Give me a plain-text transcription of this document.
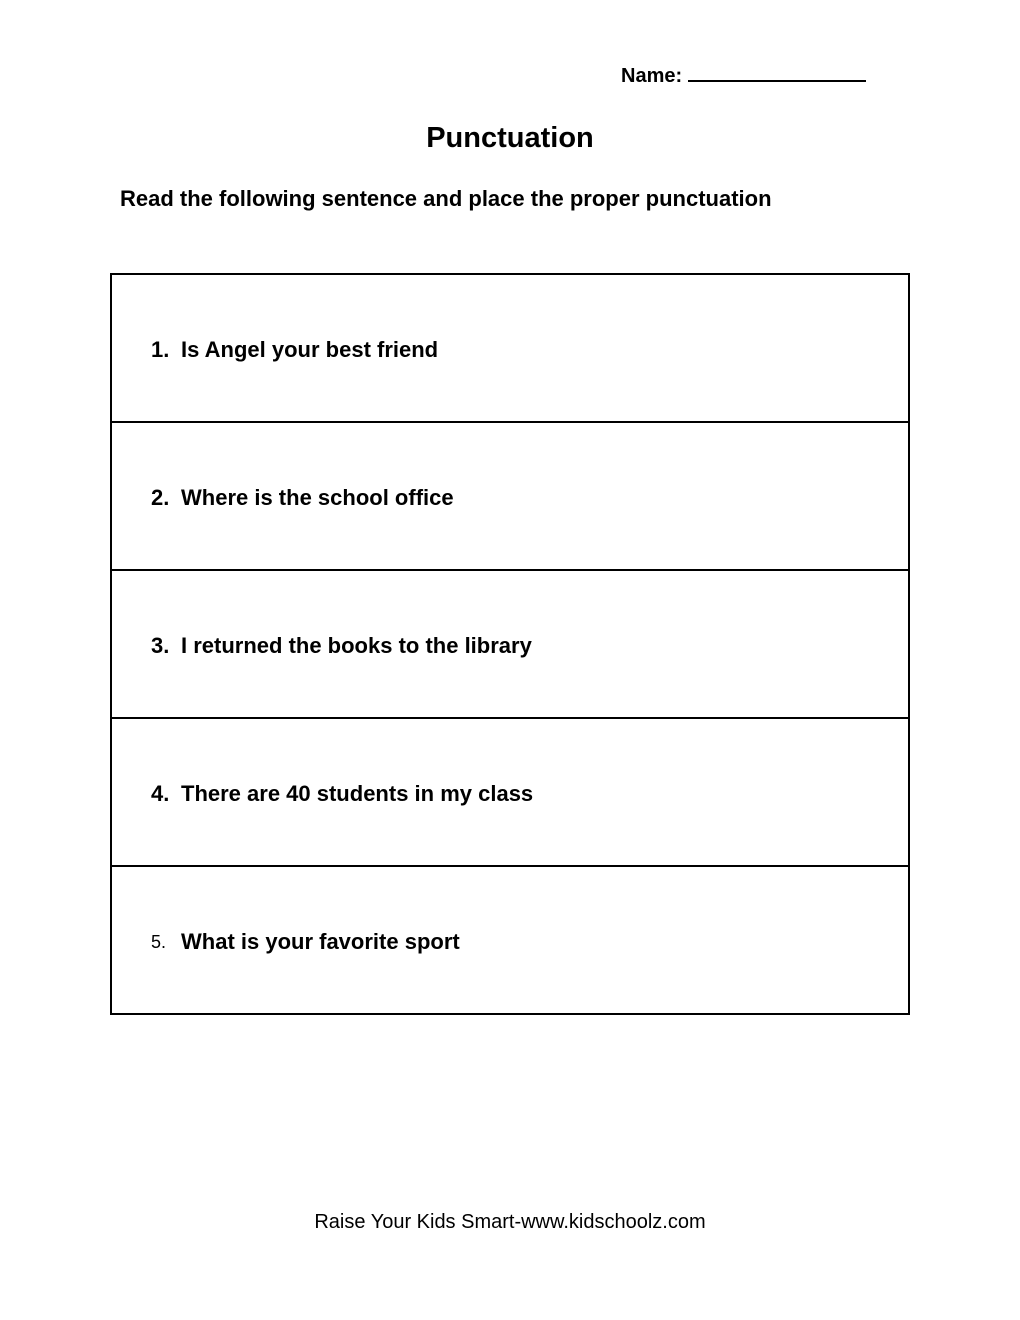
Name:
Punctuation
Read the following sentence and place the proper punctuation
1. Is Angel your best friend
2. Where is the school office
3. I returned the books to the library
4. There are 40 students in my class
5. What is your favorite sport
Raise Your Kids Smart-www.kidschoolz.com
